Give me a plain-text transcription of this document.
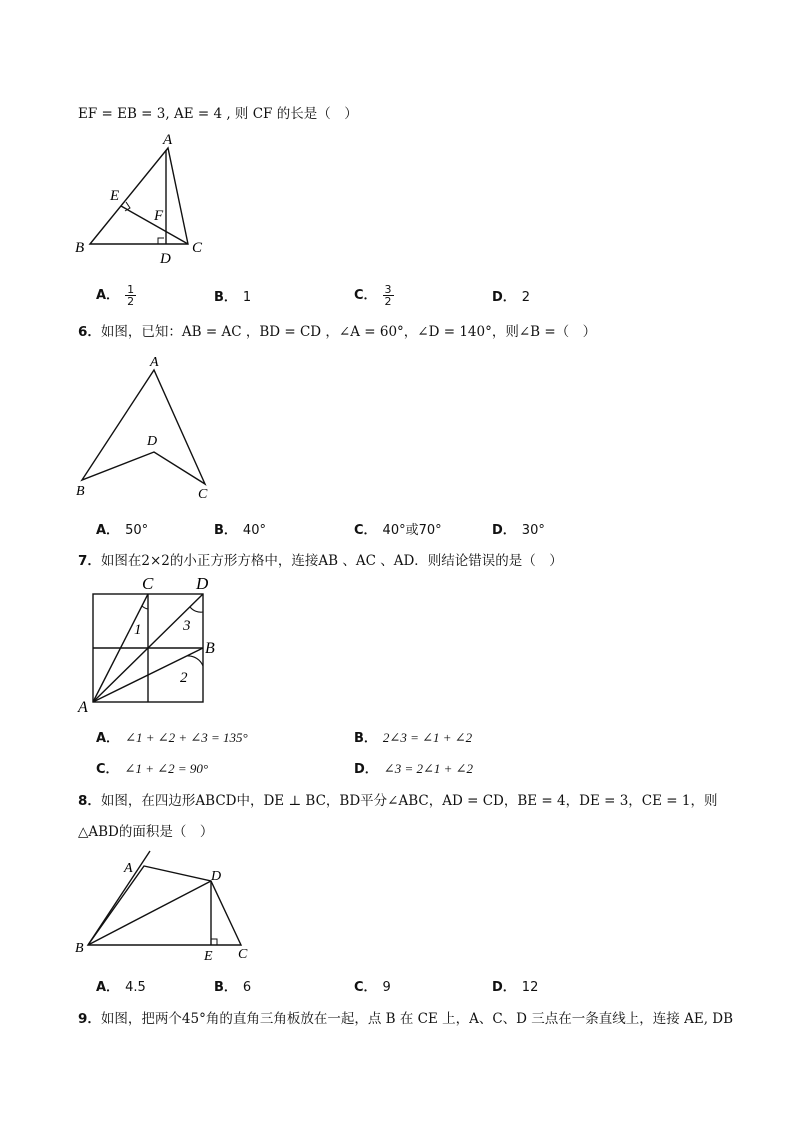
EF = EB = 3, AE = 4 , 则 CF 的长是（　）
A
B	C
D
E
F
A． $\frac{1}{2}$	B． 1	C． $\frac{3}{2}$	D． 2
6．如图，已知：AB = AC ，BD = CD ，∠A = 60°，∠D = 140°，则∠B =（　）
A
B	C
D
A． 50°	B． 40°	C． 40°或70°	D． 30°
7．如图在2×2的小正方形方格中，连接AB 、AC 、AD．则结论错误的是（　）
C	D
B
A
1	3
2
A． ∠1 + ∠2 + ∠3 = 135°	B． 2∠3 = ∠1 + ∠2
C． ∠1 + ∠2 = 90°	D． ∠3 = 2∠1 + ∠2
8．如图，在四边形ABCD中，DE ⊥ BC，BD平分∠ABC，AD = CD，BE = 4，DE = 3，CE = 1，则
△ABD的面积是（　）
A
B	C
D
E
A． 4.5	B． 6	C． 9	D． 12
9．如图，把两个45°角的直角三角板放在一起，点 B 在 CE 上，A、C、D 三点在一条直线上，连接 AE, DB
